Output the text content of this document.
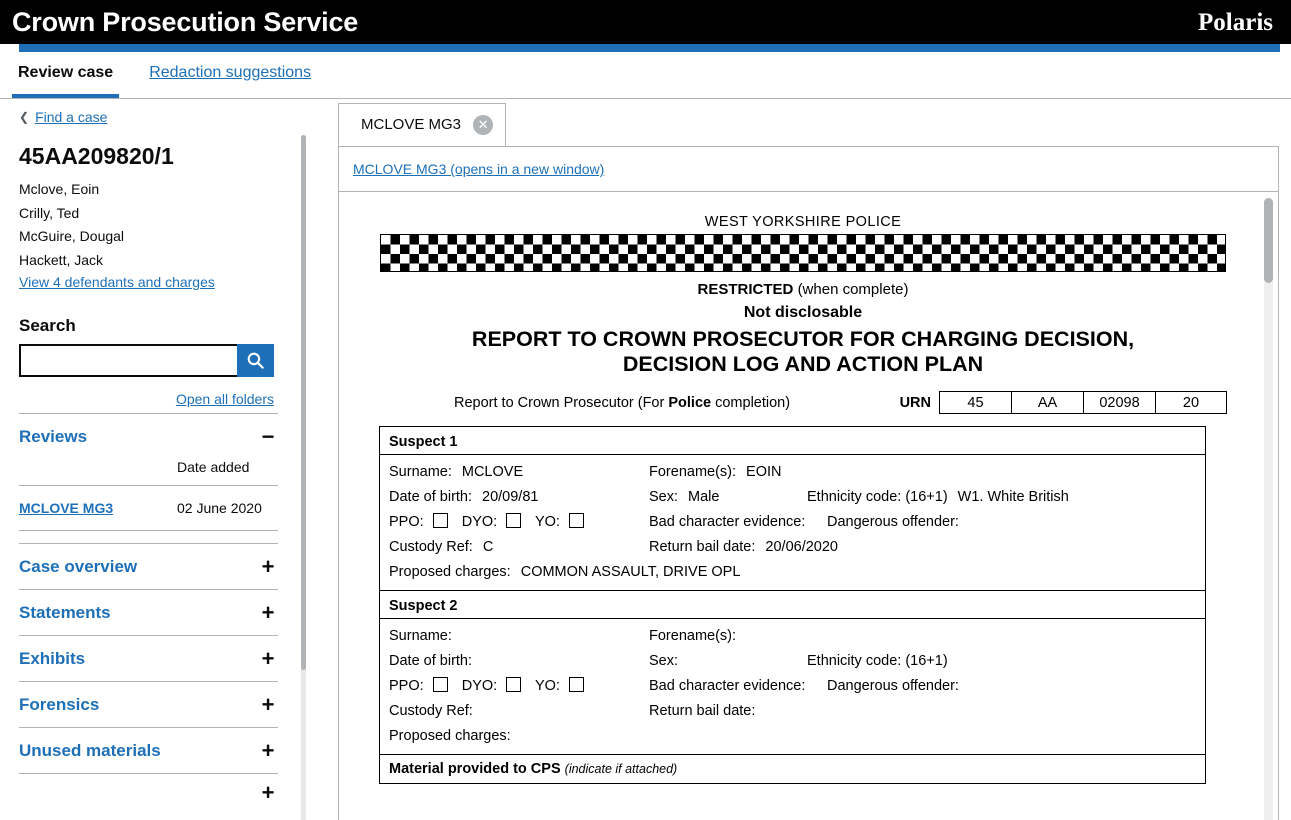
Crown Prosecution Service	Polaris
Review case	Redaction suggestions
❮ Find a case
45AA209820/1
Mclove, Eoin
Crilly, Ted
McGuire, Dougal
Hackett, Jack
View 4 defendants and charges
Search
Open all folders
Reviews	−
	Date added
MCLOVE MG3	02 June 2020
Case overview	+
Statements	+
Exhibits	+
Forensics	+
Unused materials	+
+
MCLOVE MG3	✕
MCLOVE MG3 (opens in a new window)
WEST YORKSHIRE POLICE
RESTRICTED (when complete)
Not disclosable
REPORT TO CROWN PROSECUTOR FOR CHARGING DECISION,
DECISION LOG AND ACTION PLAN
Report to Crown Prosecutor (For Police completion)	URN	45	AA	02098	20
Suspect 1
Surname: MCLOVE	Forename(s): EOIN
Date of birth: 20/09/81	Sex: Male	Ethnicity code: (16+1) W1. White British
PPO:	DYO:	YO:	Bad character evidence:	Dangerous offender:
Custody Ref: C	Return bail date: 20/06/2020
Proposed charges: COMMON ASSAULT, DRIVE OPL
Suspect 2
Surname:	Forename(s):
Date of birth:	Sex:	Ethnicity code: (16+1)
PPO:	DYO:	YO:	Bad character evidence:	Dangerous offender:
Custody Ref:	Return bail date:
Proposed charges:
Material provided to CPS (indicate if attached)
